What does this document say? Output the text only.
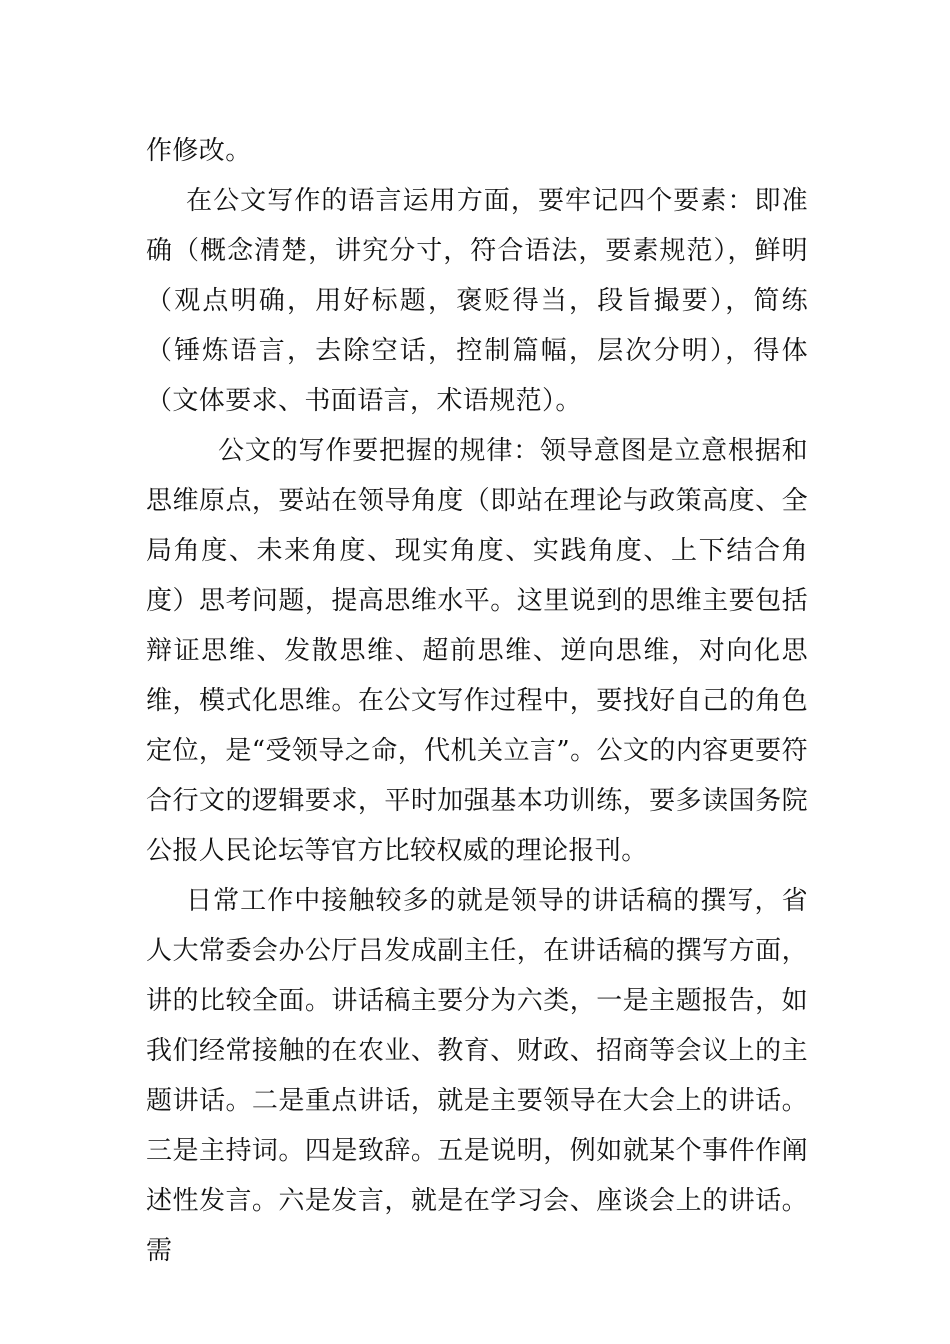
作修改。

在公文写作的语言运用方面，要牢记四个要素：即准确（概念清楚，讲究分寸，符合语法，要素规范），鲜明（观点明确，用好标题，褒贬得当，段旨撮要），简练（锤炼语言，去除空话，控制篇幅，层次分明），得体（文体要求、书面语言，术语规范）。

公文的写作要把握的规律：领导意图是立意根据和思维原点，要站在领导角度（即站在理论与政策高度、全局角度、未来角度、现实角度、实践角度、上下结合角度）思考问题，提高思维水平。这里说到的思维主要包括辩证思维、发散思维、超前思维、逆向思维，对向化思维，模式化思维。在公文写作过程中，要找好自己的角色定位，是“受领导之命，代机关立言”。公文的内容更要符合行文的逻辑要求，平时加强基本功训练，要多读国务院公报人民论坛等官方比较权威的理论报刊。

日常工作中接触较多的就是领导的讲话稿的撰写，省人大常委会办公厅吕发成副主任，在讲话稿的撰写方面，讲的比较全面。讲话稿主要分为六类，一是主题报告，如我们经常接触的在农业、教育、财政、招商等会议上的主题讲话。二是重点讲话，就是主要领导在大会上的讲话。三是主持词。四是致辞。五是说明，例如就某个事件作阐述性发言。六是发言，就是在学习会、座谈会上的讲话。需
